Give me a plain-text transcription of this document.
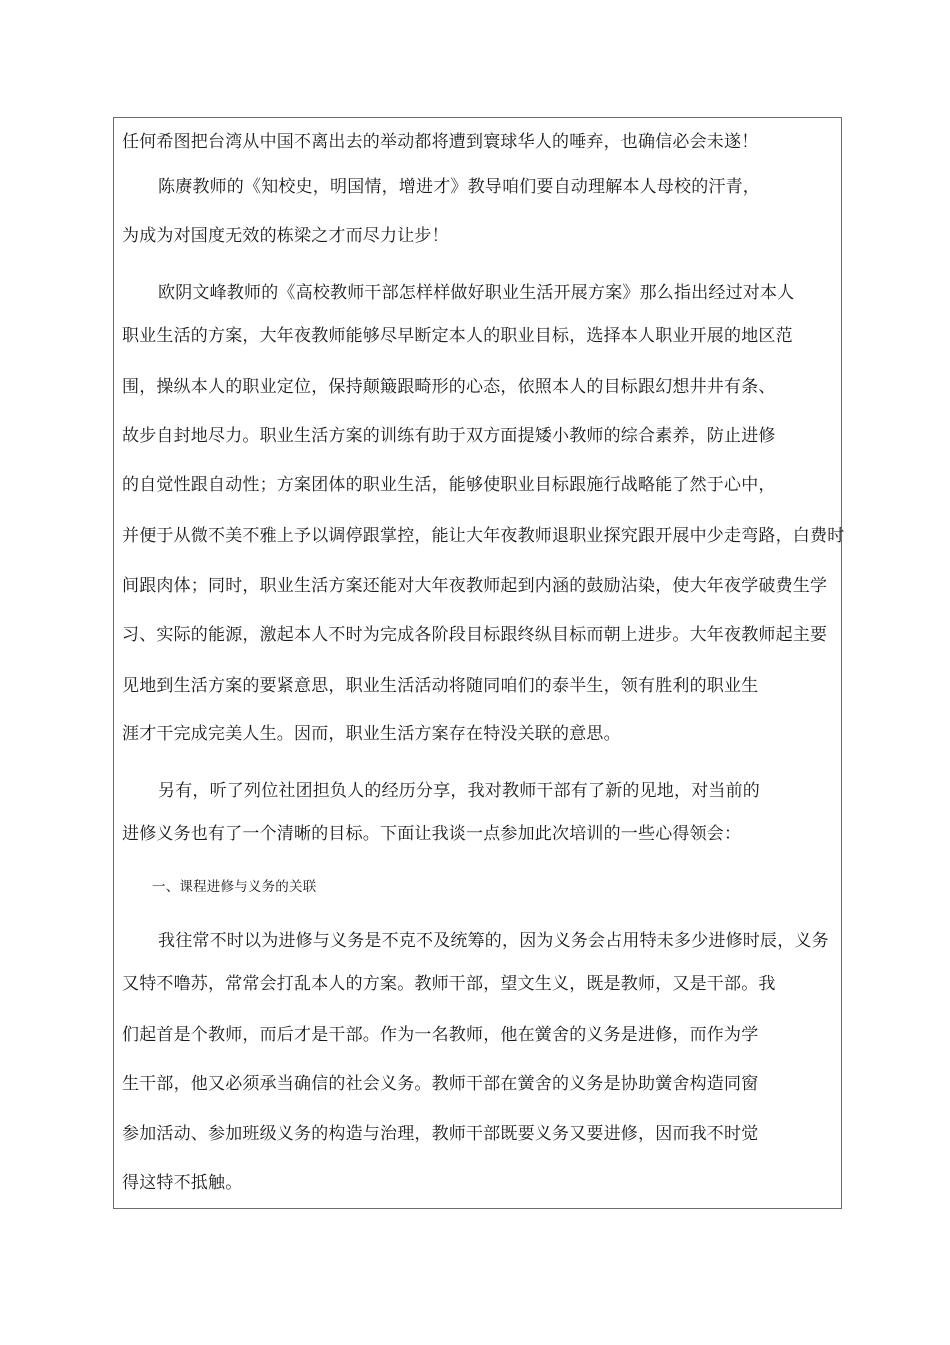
任何希图把台湾从中国不离出去的举动都将遭到寰球华人的唾弃，也确信必会未遂！
陈赓教师的《知校史，明国情，增进才》教导咱们要自动理解本人母校的汗青，
为成为对国度无效的栋梁之才而尽力让步！
欧阴文峰教师的《高校教师干部怎样样做好职业生活开展方案》那么指出经过对本人
职业生活的方案，大年夜教师能够尽早断定本人的职业目标，选择本人职业开展的地区范
围，操纵本人的职业定位，保持颠簸跟畸形的心态，依照本人的目标跟幻想井井有条、
故步自封地尽力。职业生活方案的训练有助于双方面提矮小教师的综合素养，防止进修
的自觉性跟自动性；方案团体的职业生活，能够使职业目标跟施行战略能了然于心中，
并便于从微不美不雅上予以调停跟掌控，能让大年夜教师退职业探究跟开展中少走弯路，白费时
间跟肉体；同时，职业生活方案还能对大年夜教师起到内涵的鼓励沾染，使大年夜学破费生学
习、实际的能源，激起本人不时为完成各阶段目标跟终纵目标而朝上进步。大年夜教师起主要
见地到生活方案的要紧意思，职业生活活动将随同咱们的泰半生，领有胜利的职业生
涯才干完成完美人生。因而，职业生活方案存在特没关联的意思。
另有，听了列位社团担负人的经历分享，我对教师干部有了新的见地，对当前的
进修义务也有了一个清晰的目标。下面让我谈一点参加此次培训的一些心得领会：
一、课程进修与义务的关联
我往常不时以为进修与义务是不克不及统筹的，因为义务会占用特未多少进修时辰，义务
又特不噜苏，常常会打乱本人的方案。教师干部，望文生义，既是教师，又是干部。我
们起首是个教师，而后才是干部。作为一名教师，他在黉舍的义务是进修，而作为学
生干部，他又必须承当确信的社会义务。教师干部在黉舍的义务是协助黉舍构造同窗
参加活动、参加班级义务的构造与治理，教师干部既要义务又要进修，因而我不时觉
得这特不抵触。
